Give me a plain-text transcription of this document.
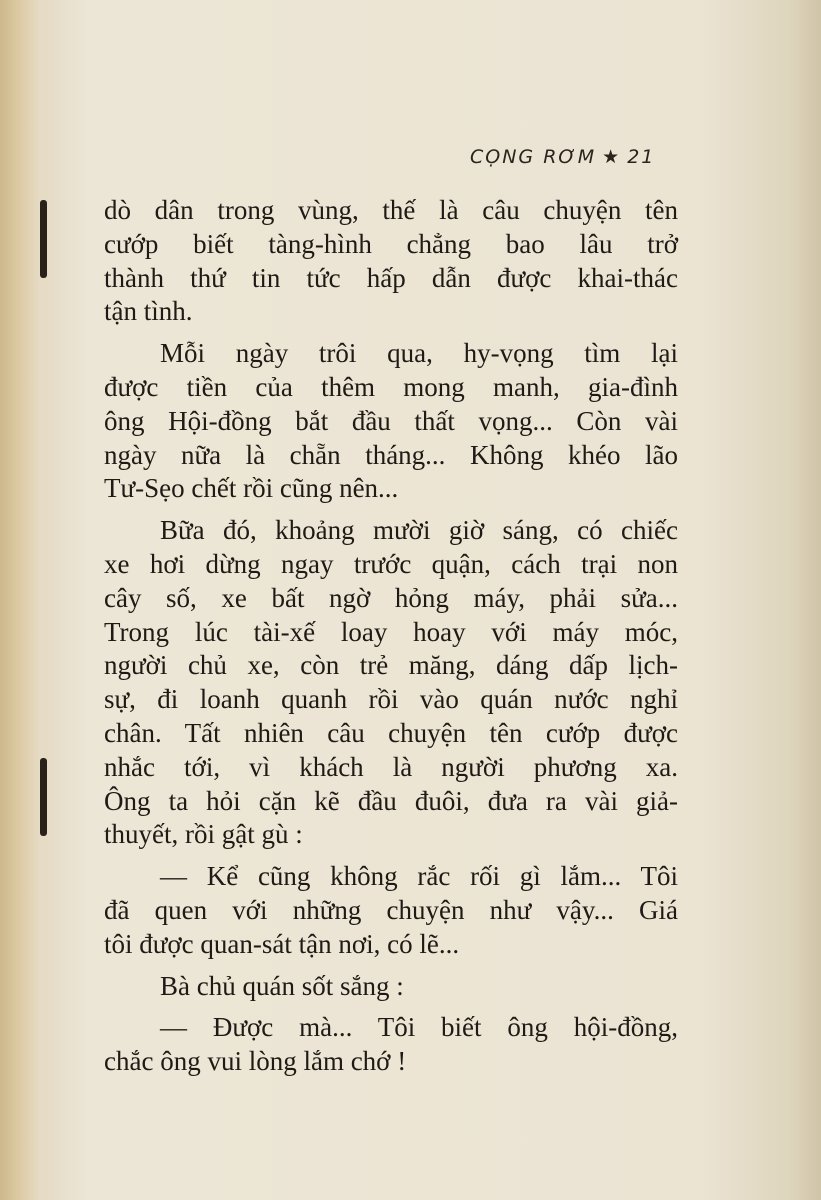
CỌNG RƠM ★ 21
dò dân trong vùng, thế là câu chuyện tên
cướp biết tàng-hình chẳng bao lâu trở
thành thứ tin tức hấp dẫn được khai-thác
tận tình.
Mỗi ngày trôi qua, hy-vọng tìm lại
được tiền của thêm mong manh, gia-đình
ông Hội-đồng bắt đầu thất vọng... Còn vài
ngày nữa là chẵn tháng... Không khéo lão
Tư-Sẹo chết rồi cũng nên...
Bữa đó, khoảng mười giờ sáng, có chiếc
xe hơi dừng ngay trước quận, cách trại non
cây số, xe bất ngờ hỏng máy, phải sửa...
Trong lúc tài-xế loay hoay với máy móc,
người chủ xe, còn trẻ măng, dáng dấp lịch-
sự, đi loanh quanh rồi vào quán nước nghỉ
chân. Tất nhiên câu chuyện tên cướp được
nhắc tới, vì khách là người phương xa.
Ông ta hỏi cặn kẽ đầu đuôi, đưa ra vài giả-
thuyết, rồi gật gù :
— Kể cũng không rắc rối gì lắm... Tôi
đã quen với những chuyện như vậy... Giá
tôi được quan-sát tận nơi, có lẽ...
Bà chủ quán sốt sắng :
— Được mà... Tôi biết ông hội-đồng,
chắc ông vui lòng lắm chớ !
